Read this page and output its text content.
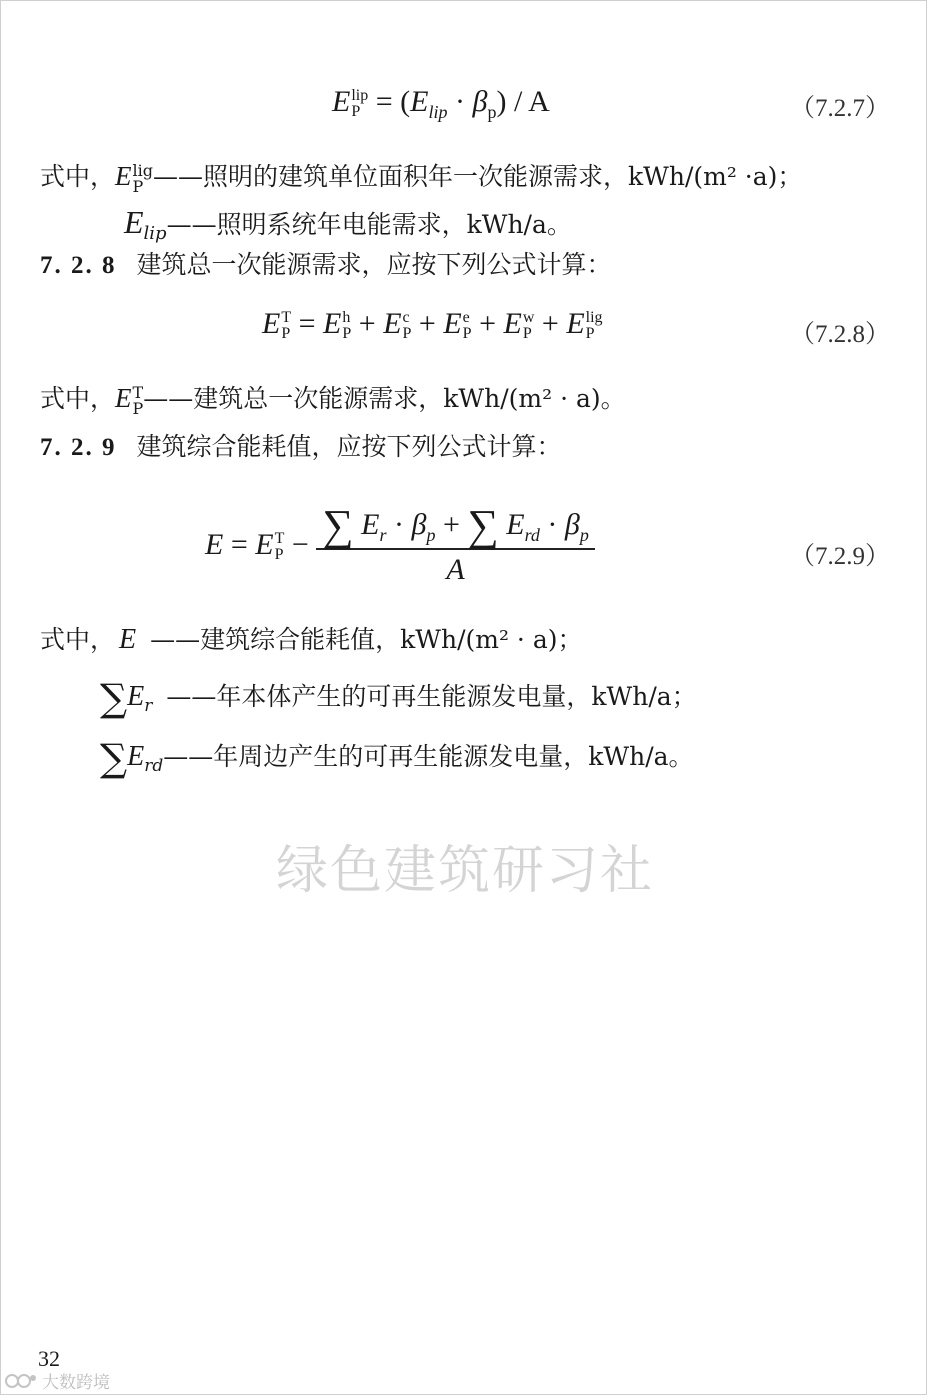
E lip
$P = (E_{lip} \cdot \beta_p) / A$	（7.2.7）
式中，E lig
P ——照明的建筑单位面积年一次能源需求，kWh/(m² ·a)；
$E_{lip}——$照明系统年电能需求，kWh/a。
7. 2. 8 建筑总一次能源需求，应按下列公式计算：
E T
P = E h
P + E c
P + E e
P + E w
P + E lig
P	（7.2.8）
式中，E T
P ——建筑总一次能源需求，kWh/(m² · a)。
7. 2. 9 建筑综合能耗值，应按下列公式计算：
E = E T
P − ∑ $E_r \cdot \beta_p$ + ∑ $E_{rd} \cdot \beta_p$
A	（7.2.9）
式中， E ——建筑综合能耗值，kWh/(m² · a)；
$\sum E_r$ ——年本体产生的可再生能源发电量，kWh/a；
$\sum E_{rd}——$年周边产生的可再生能源发电量，kWh/a。
绿色建筑研习社
32
大数跨境
